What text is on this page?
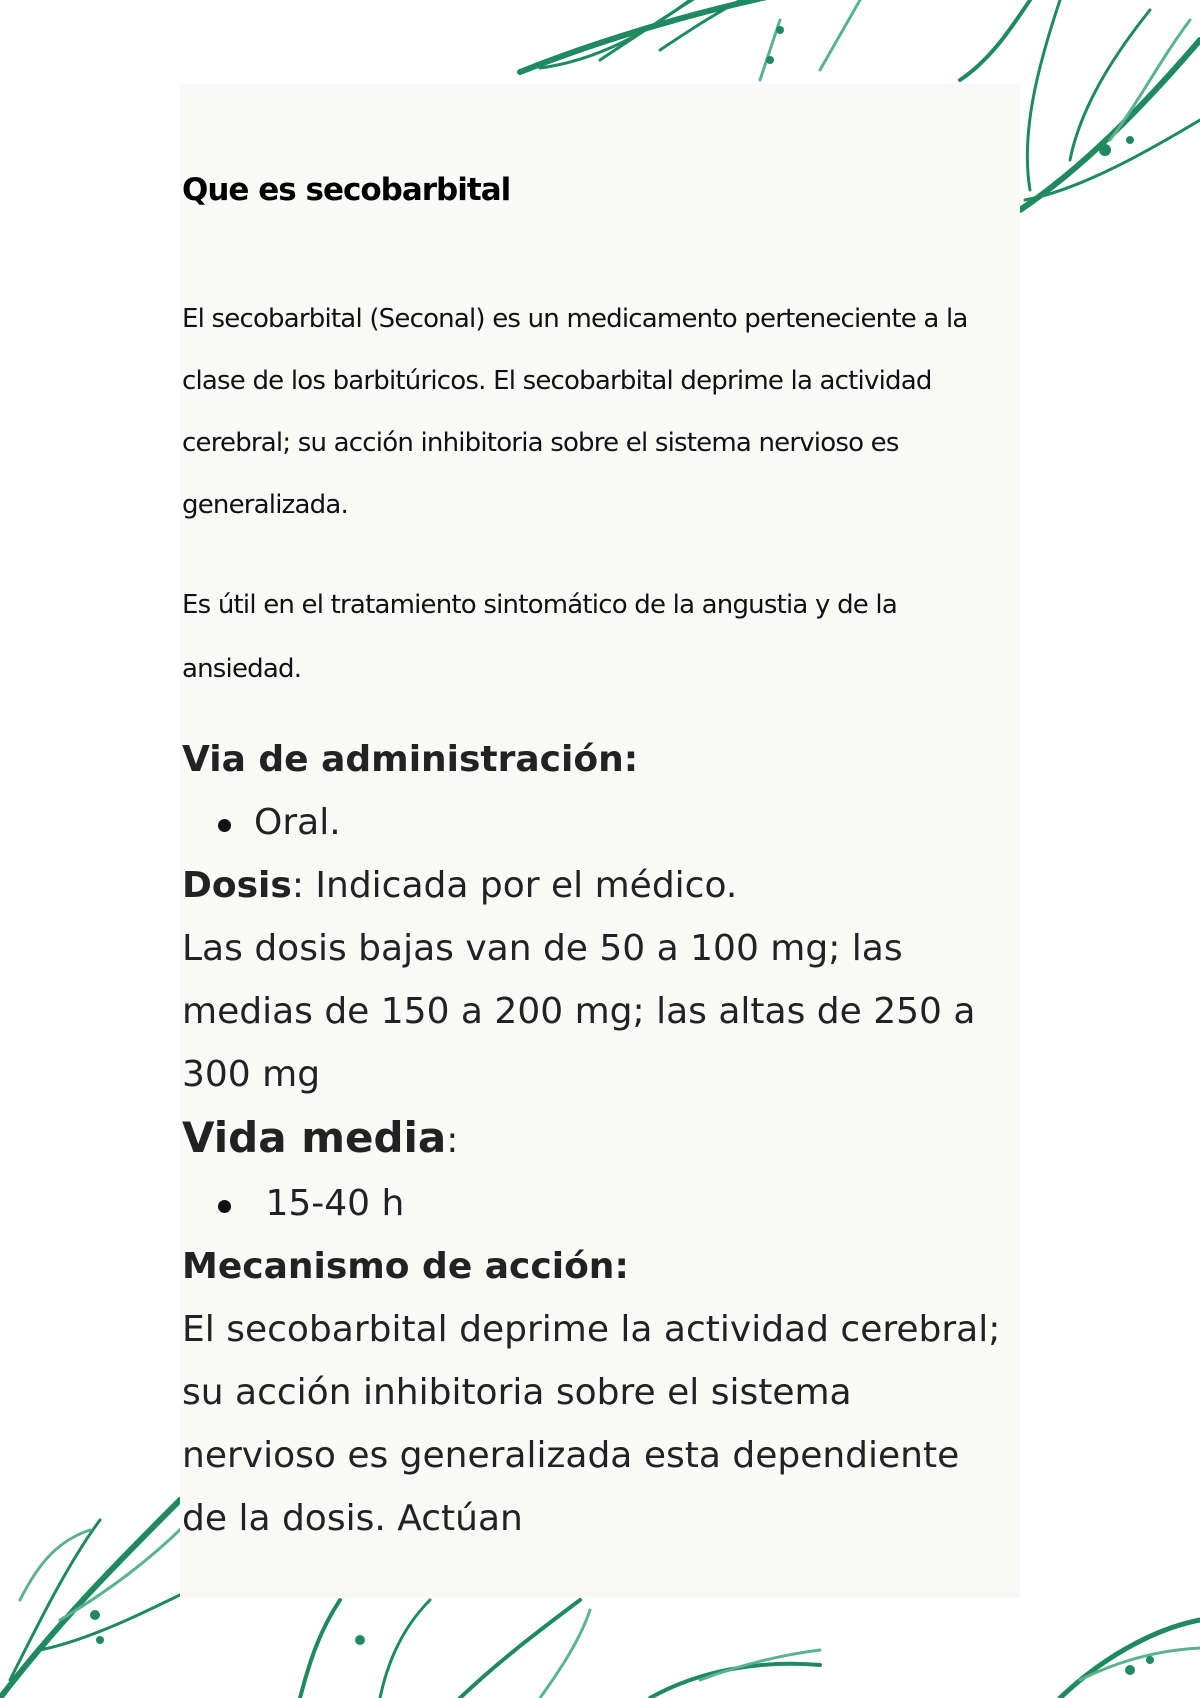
Que es secobarbital
El secobarbital (Seconal) es un medicamento perteneciente a la clase de los barbitúricos. El secobarbital deprime la actividad cerebral; su acción inhibitoria sobre el sistema nervioso es generalizada.
Es útil en el tratamiento sintomático de la angustia y de la ansiedad.
Via de administración:
Oral.
Dosis: Indicada por el médico.
Las dosis bajas van de 50 a 100 mg; las medias de 150 a 200 mg; las altas de 250 a 300 mg
Vida media:
15-40 h
Mecanismo de acción:
El secobarbital deprime la actividad cerebral; su acción inhibitoria sobre el sistema nervioso es generalizada esta dependiente de la dosis. Actúan
